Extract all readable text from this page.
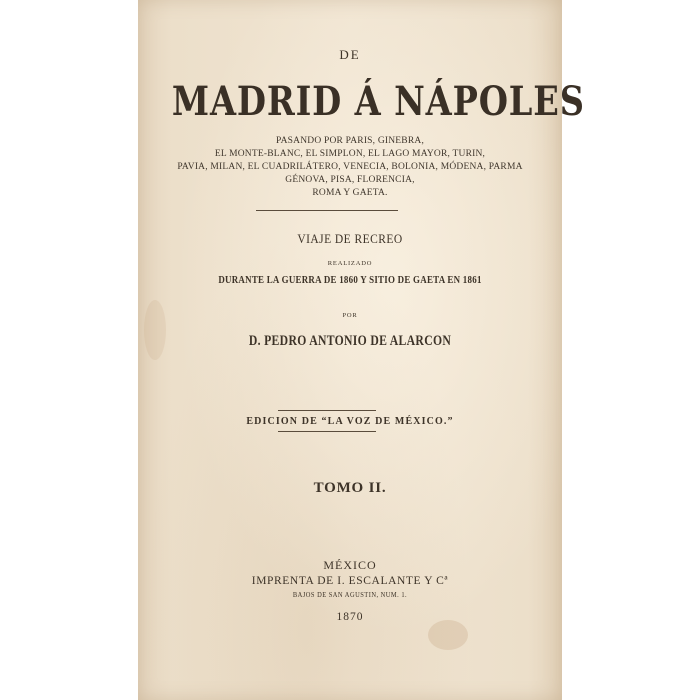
DE
MADRID Á NÁPOLES
PASANDO POR PARIS, GINEBRA,
EL MONTE-BLANC, EL SIMPLON, EL LAGO MAYOR, TURIN,
PAVIA, MILAN, EL CUADRILÁTERO, VENECIA, BOLONIA, MÓDENA, PARMA
GÉNOVA, PISA, FLORENCIA,
ROMA Y GAETA.
VIAJE DE RECREO
REALIZADO
DURANTE LA GUERRA DE 1860 Y SITIO DE GAETA EN 1861
POR
D. PEDRO ANTONIO DE ALARCON
EDICION DE “LA VOZ DE MÉXICO.”
TOMO II.
MÉXICO
IMPRENTA DE I. ESCALANTE Y Cª
BAJOS DE SAN AGUSTIN, NUM. 1.
1870
